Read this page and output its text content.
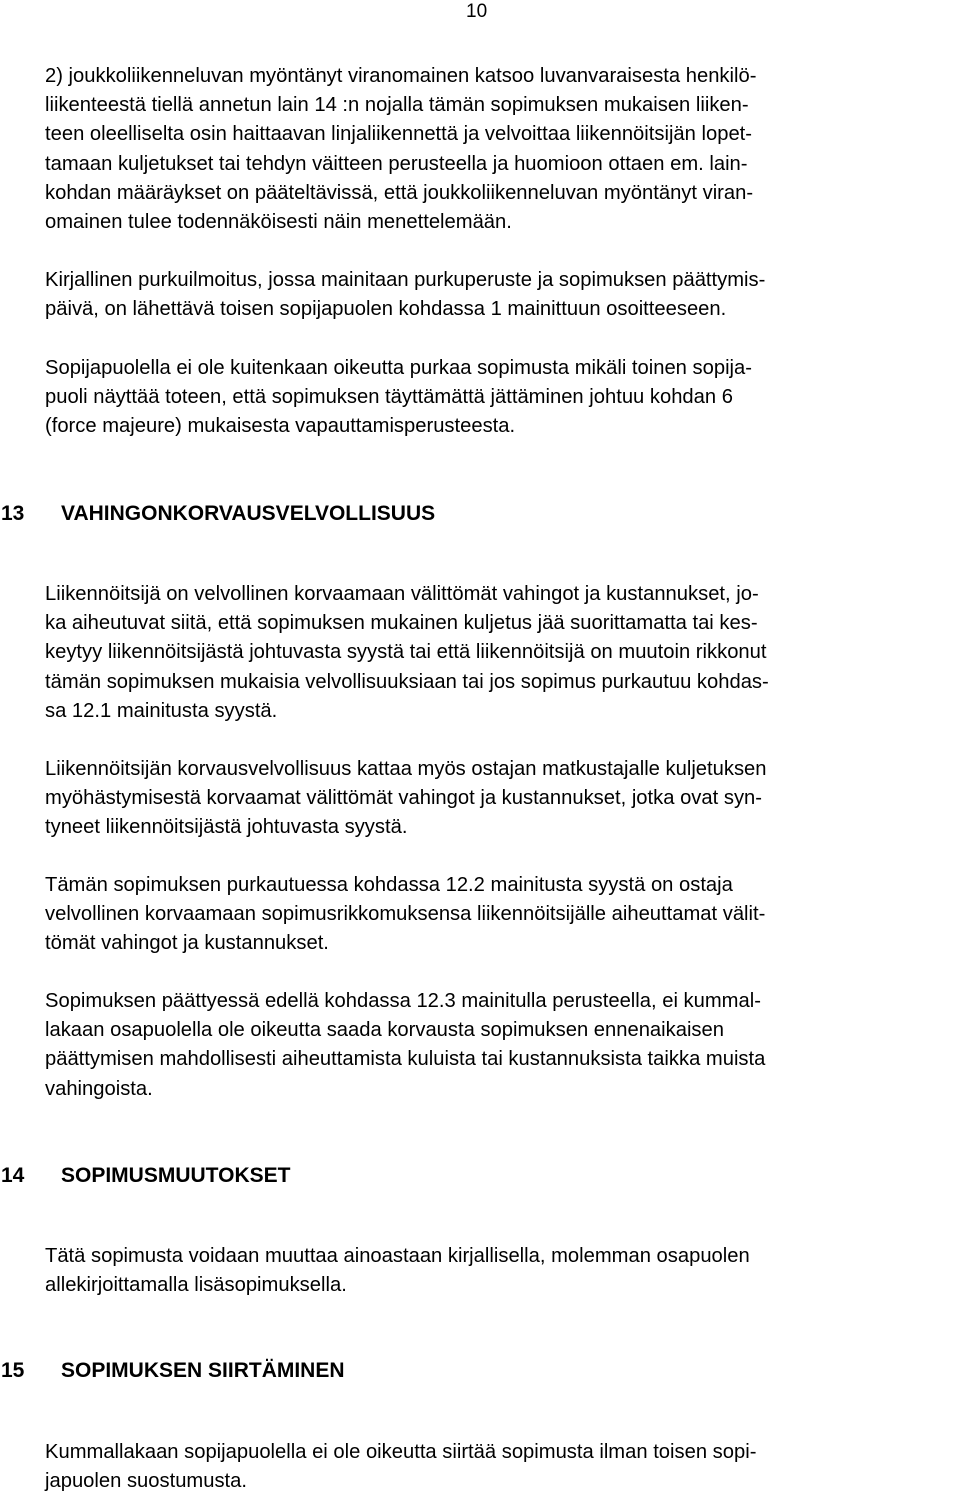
10

2) joukkoliikenneluvan myöntänyt viranomainen katsoo luvanvaraisesta henkilö-
liikenteestä tiellä annetun lain 14 :n nojalla tämän sopimuksen mukaisen liiken-
teen oleelliselta osin haittaavan linjaliikennettä ja velvoittaa liikennöitsijän lopet-
tamaan kuljetukset tai tehdyn väitteen perusteella ja huomioon ottaen em. lain-
kohdan määräykset on pääteltävissä, että joukkoliikenneluvan myöntänyt viran-
omainen tulee todennäköisesti näin menettelemään.

Kirjallinen purkuilmoitus, jossa mainitaan purkuperuste ja sopimuksen päättymis-
päivä, on lähettävä toisen sopijapuolen kohdassa 1 mainittuun osoitteeseen.

Sopijapuolella ei ole kuitenkaan oikeutta purkaa sopimusta mikäli toinen sopija-
puoli näyttää toteen, että sopimuksen täyttämättä jättäminen johtuu kohdan 6
(force majeure) mukaisesta vapauttamisperusteesta.

13 VAHINGONKORVAUSVELVOLLISUUS

Liikennöitsijä on velvollinen korvaamaan välittömät vahingot ja kustannukset, jo-
ka aiheutuvat siitä, että sopimuksen mukainen kuljetus jää suorittamatta tai kes-
keytyy liikennöitsijästä johtuvasta syystä tai että liikennöitsijä on muutoin rikkonut
tämän sopimuksen mukaisia velvollisuuksiaan tai jos sopimus purkautuu kohdas-
sa 12.1 mainitusta syystä.

Liikennöitsijän korvausvelvollisuus kattaa myös ostajan matkustajalle kuljetuksen
myöhästymisestä korvaamat välittömät vahingot ja kustannukset, jotka ovat syn-
tyneet liikennöitsijästä johtuvasta syystä.

Tämän sopimuksen purkautuessa kohdassa 12.2 mainitusta syystä on ostaja
velvollinen korvaamaan sopimusrikkomuksensa liikennöitsijälle aiheuttamat välit-
tömät vahingot ja kustannukset.

Sopimuksen päättyessä edellä kohdassa 12.3 mainitulla perusteella, ei kummal-
lakaan osapuolella ole oikeutta saada korvausta sopimuksen ennenaikaisen
päättymisen mahdollisesti aiheuttamista kuluista tai kustannuksista taikka muista
vahingoista.

14 SOPIMUSMUUTOKSET

Tätä sopimusta voidaan muuttaa ainoastaan kirjallisella, molemman osapuolen
allekirjoittamalla lisäsopimuksella.

15 SOPIMUKSEN SIIRTÄMINEN

Kummallakaan sopijapuolella ei ole oikeutta siirtää sopimusta ilman toisen sopi-
japuolen suostumusta.
